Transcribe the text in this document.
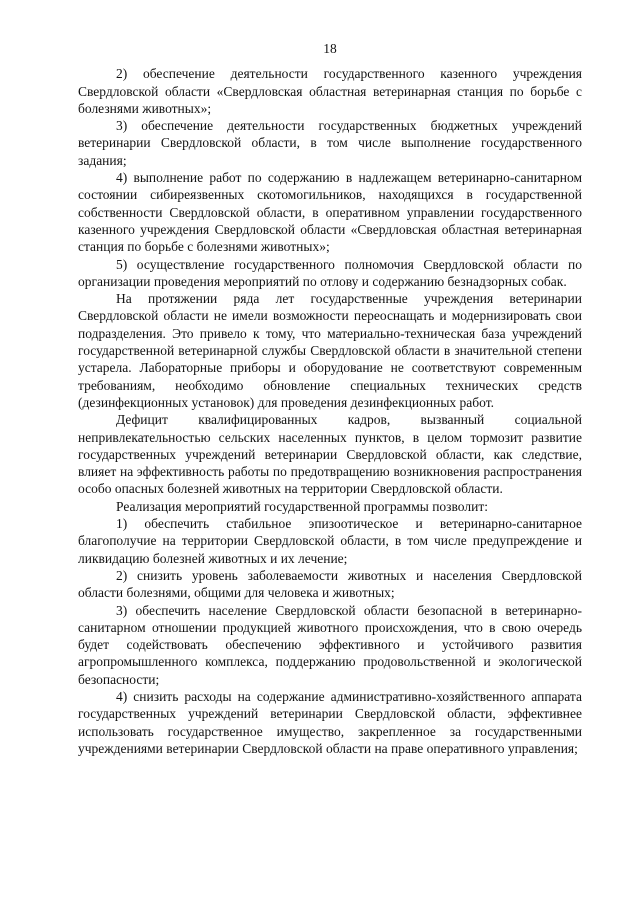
18

2) обеспечение деятельности государственного казенного учреждения Свердловской области «Свердловская областная ветеринарная станция по борьбе с болезнями животных»;

3) обеспечение деятельности государственных бюджетных учреждений ветеринарии Свердловской области, в том числе выполнение государственного задания;

4) выполнение работ по содержанию в надлежащем ветеринарно-санитарном состоянии сибиреязвенных скотомогильников, находящихся в государственной собственности Свердловской области, в оперативном управлении государственного казенного учреждения Свердловской области «Свердловская областная ветеринарная станция по борьбе с болезнями животных»;

5) осуществление государственного полномочия Свердловской области по организации проведения мероприятий по отлову и содержанию безнадзорных собак.

На протяжении ряда лет государственные учреждения ветеринарии Свердловской области не имели возможности переоснащать и модернизировать свои подразделения. Это привело к тому, что материально-техническая база учреждений государственной ветеринарной службы Свердловской области в значительной степени устарела. Лабораторные приборы и оборудование не соответствуют современным требованиям, необходимо обновление специальных технических средств (дезинфекционных установок) для проведения дезинфекционных работ.

Дефицит квалифицированных кадров, вызванный социальной непривлекательностью сельских населенных пунктов, в целом тормозит развитие государственных учреждений ветеринарии Свердловской области, как следствие, влияет на эффективность работы по предотвращению возникновения распространения особо опасных болезней животных на территории Свердловской области.

Реализация мероприятий государственной программы позволит:

1) обеспечить стабильное эпизоотическое и ветеринарно-санитарное благополучие на территории Свердловской области, в том числе предупреждение и ликвидацию болезней животных и их лечение;

2) снизить уровень заболеваемости животных и населения Свердловской области болезнями, общими для человека и животных;

3) обеспечить население Свердловской области безопасной в ветеринарно-санитарном отношении продукцией животного происхождения, что в свою очередь будет содействовать обеспечению эффективного и устойчивого развития агропромышленного комплекса, поддержанию продовольственной и экологической безопасности;

4) снизить расходы на содержание административно-хозяйственного аппарата государственных учреждений ветеринарии Свердловской области, эффективнее использовать государственное имущество, закрепленное за государственными учреждениями ветеринарии Свердловской области на праве оперативного управления;
